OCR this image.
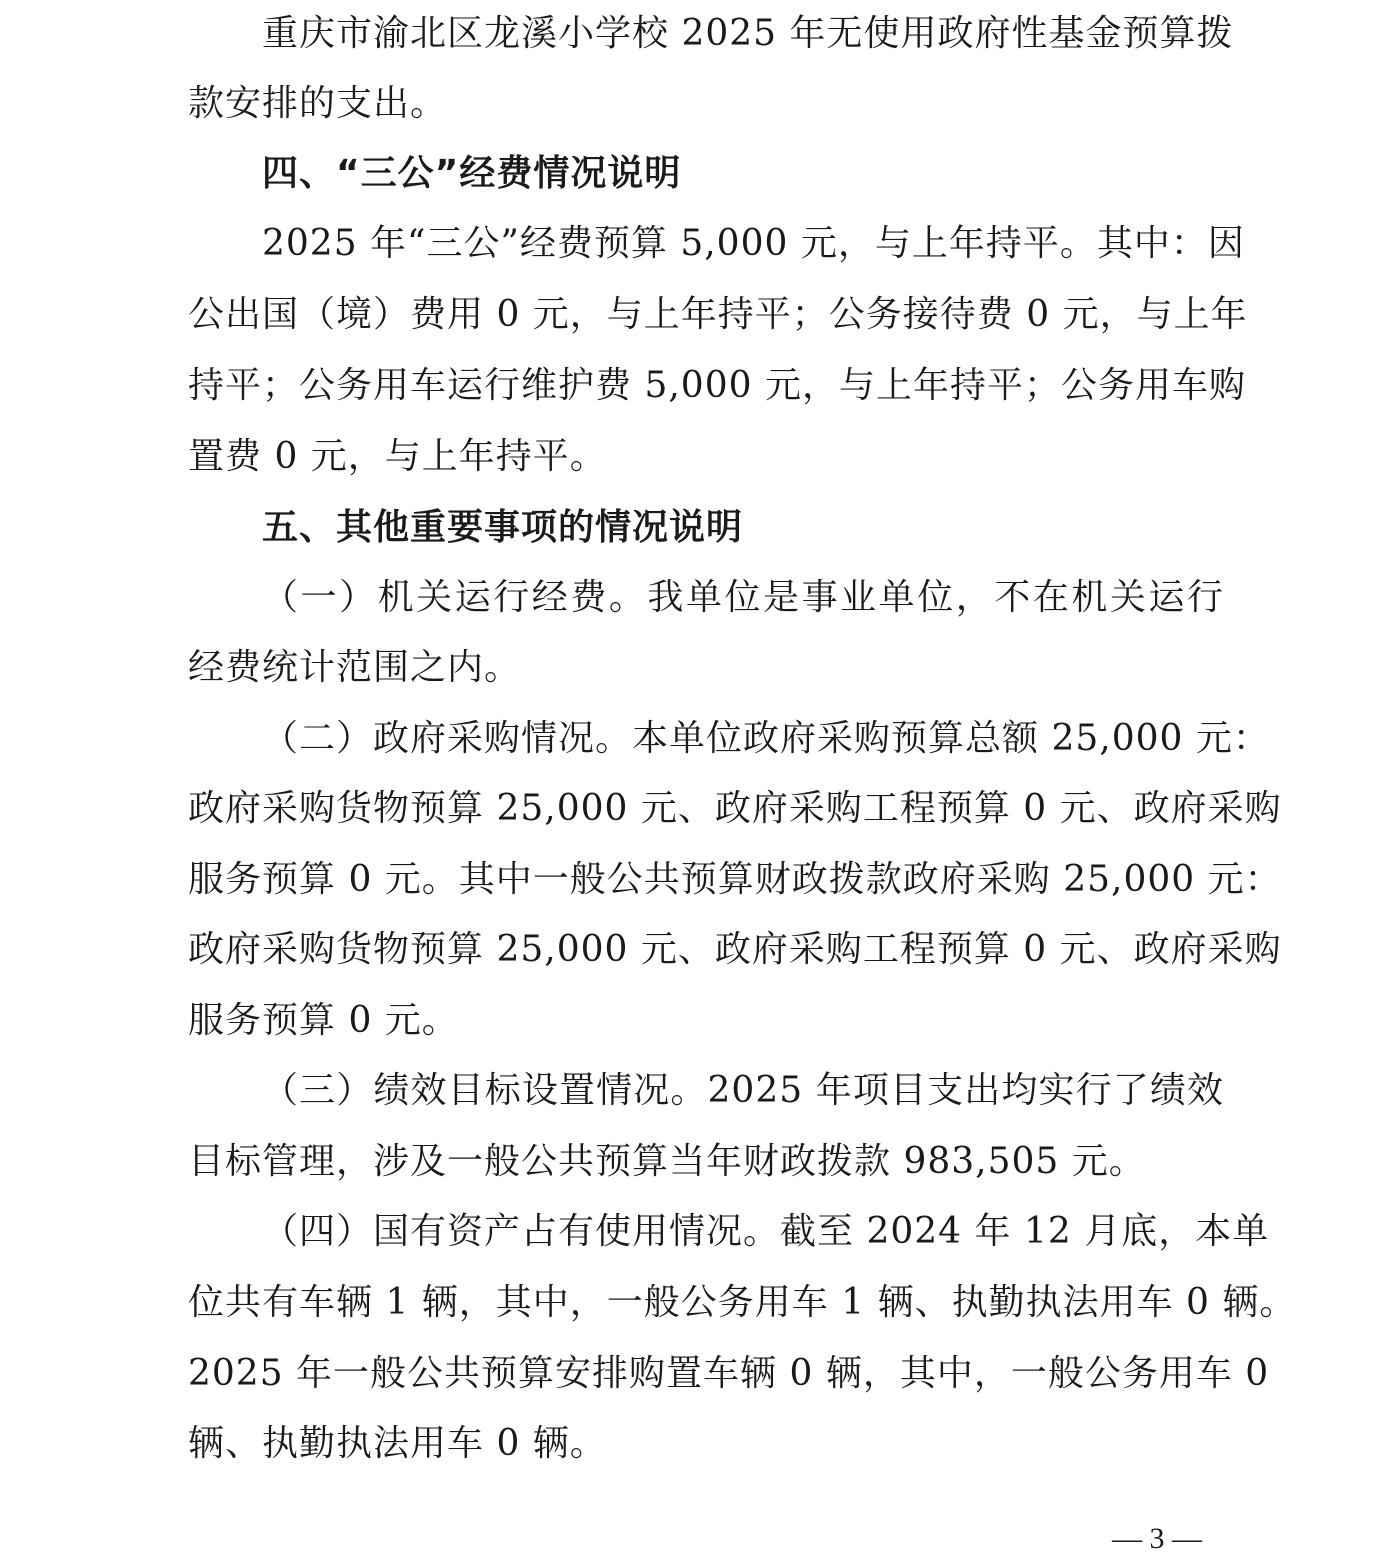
重庆市渝北区龙溪小学校 2025 年无使用政府性基金预算拨
款安排的支出。
四、“三公”经费情况说明
2025 年“三公”经费预算 5,000 元，与上年持平。其中：因
公出国（境）费用 0 元，与上年持平；公务接待费 0 元，与上年
持平；公务用车运行维护费 5,000 元，与上年持平；公务用车购
置费 0 元，与上年持平。
五、其他重要事项的情况说明
（一）机关运行经费。我单位是事业单位，不在机关运行
经费统计范围之内。
（二）政府采购情况。本单位政府采购预算总额 25,000 元：
政府采购货物预算 25,000 元、政府采购工程预算 0 元、政府采购
服务预算 0 元。其中一般公共预算财政拨款政府采购 25,000 元：
政府采购货物预算 25,000 元、政府采购工程预算 0 元、政府采购
服务预算 0 元。
（三）绩效目标设置情况。2025 年项目支出均实行了绩效
目标管理，涉及一般公共预算当年财政拨款 983,505 元。
（四）国有资产占有使用情况。截至 2024 年 12 月底，本单
位共有车辆 1 辆，其中，一般公务用车 1 辆、执勤执法用车 0 辆。
2025 年一般公共预算安排购置车辆 0 辆，其中，一般公务用车 0
辆、执勤执法用车 0 辆。
— 3 —
